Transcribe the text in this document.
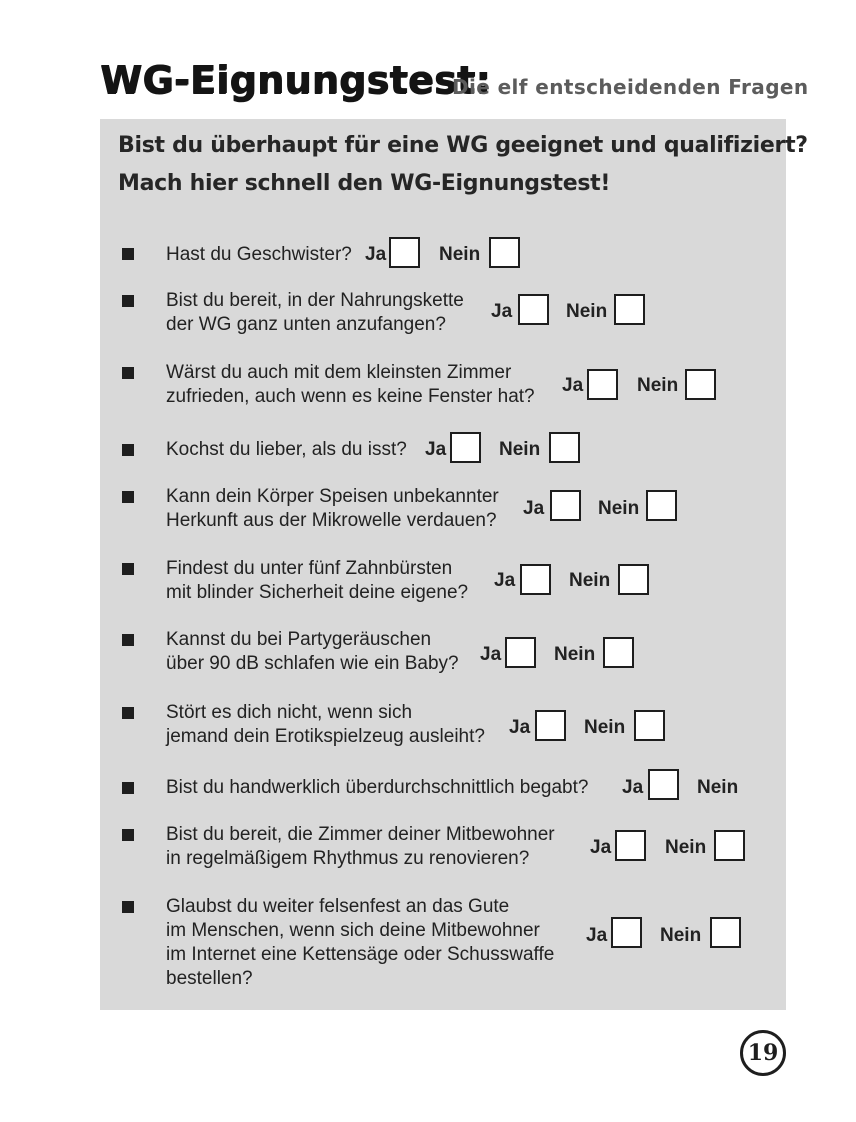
WG-Eignungstest:
Die elf entscheidenden Fragen
Bist du überhaupt für eine WG geeignet und qualifiziert?
Mach hier schnell den WG-Eignungstest!
Hast du Geschwister? Ja	Nein
Bist du bereit, in der Nahrungskette
der WG ganz unten anzufangen?
Ja	Nein
Wärst du auch mit dem kleinsten Zimmer
zufrieden, auch wenn es keine Fenster hat?
Ja	Nein
Kochst du lieber, als du isst? Ja	Nein
Kann dein Körper Speisen unbekannter
Herkunft aus der Mikrowelle verdauen?
Ja	Nein
Findest du unter fünf Zahnbürsten
mit blinder Sicherheit deine eigene?
Ja	Nein
Kannst du bei Partygeräuschen
über 90 dB schlafen wie ein Baby? Ja	Nein
Stört es dich nicht, wenn sich
jemand dein Erotikspielzeug ausleiht? Ja	Nein
Bist du handwerklich überdurchschnittlich begabt? Ja	Nein
Bist du bereit, die Zimmer deiner Mitbewohner
in regelmäßigem Rhythmus zu renovieren?
Ja	Nein
Glaubst du weiter felsenfest an das Gute
im Menschen, wenn sich deine Mitbewohner
im Internet eine Kettensäge oder Schusswaffe
bestellen?
Ja	Nein
19
